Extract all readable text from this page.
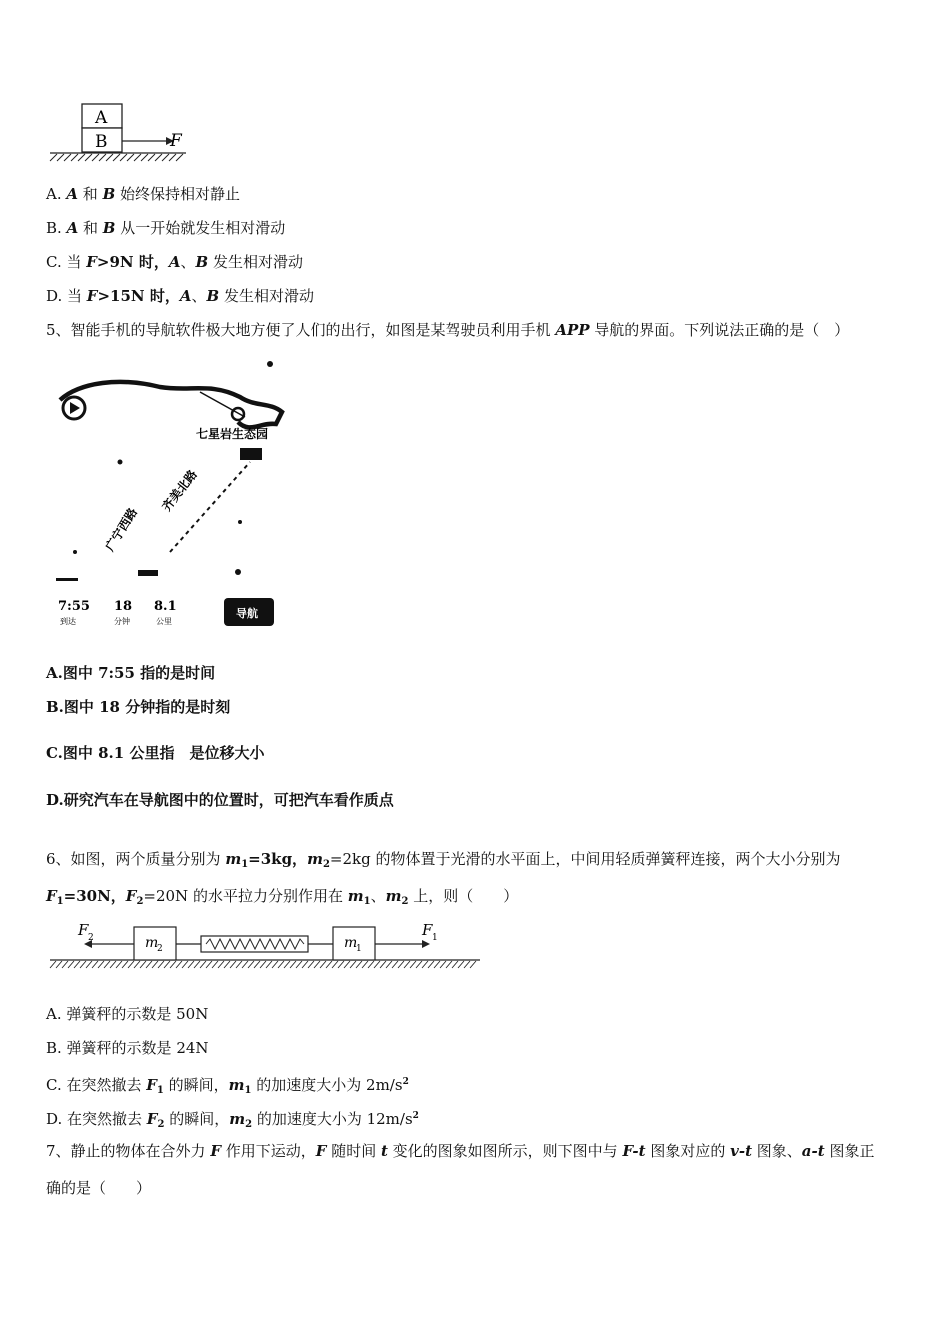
A
B	F
A. A 和 B 始终保持相对静止
B. A 和 B 从一开始就发生相对滑动
C. 当 F>9N 时，A、B 发生相对滑动
D. 当 F>15N 时，A、B 发生相对滑动
5、智能手机的导航软件极大地方便了人们的出行，如图是某驾驶员利用手机 APP 导航的界面。下列说法正确的是（　）
七星岩生态园
广宁西路
齐美北路
7:55
到达
18
分钟
8.1
公里
导航
A.图中 7:55 指的是时间
B.图中 18 分钟指的是时刻
C.图中 8.1 公里指　是位移大小
D.研究汽车在导航图中的位置时，可把汽车看作质点
6、如图，两个质量分别为 $m_1=3kg$，$m_2=2kg$ 的物体置于光滑的水平面上，中间用轻质弹簧秤连接，两个大小分别为
$F_1=30N$，$F_2=20N$ 的水平拉力分别作用在 $m_1$、$m_2$ 上，则（　　）
m
2	m
1
F 2	F 1
A. 弹簧秤的示数是 50N
B. 弹簧秤的示数是 24N
C. 在突然撤去 $F_1$ 的瞬间，$m_1$ 的加速度大小为 $2m/s^2$
D. 在突然撤去 $F_2$ 的瞬间，$m_2$ 的加速度大小为 $12m/s^2$
7、静止的物体在合外力 F 作用下运动，F 随时间 t 变化的图象如图所示，则下图中与 F-t 图象对应的 v-t 图象、a-t 图象正
确的是（　　）
